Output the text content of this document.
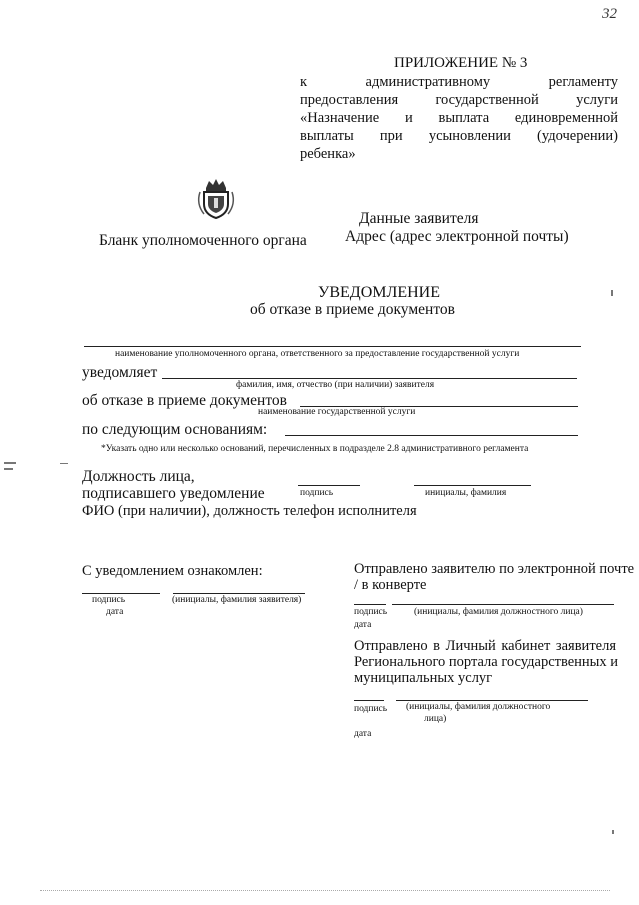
32
ПРИЛОЖЕНИЕ № 3
к административному регламенту
предоставления государственной услуги
«Назначение и выплата единовременной
выплаты при усыновлении (удочерении)
ребенка»
Данные заявителя
Адрес (адрес электронной почты)
Бланк уполномоченного органа
УВЕДОМЛЕНИЕ
об отказе в приеме документов
наименование уполномоченного органа, ответственного за предоставление государственной услуги
уведомляет
фамилия, имя, отчество (при наличии) заявителя
об отказе в приеме документов
наименование государственной услуги
по следующим основаниям:
*Указать одно или несколько оснований, перечисленных в подразделе 2.8 административного регламента
Должность лица,
подписавшего уведомление	подпись	инициалы, фамилия
ФИО (при наличии), должность телефон исполнителя
С уведомлением ознакомлен:
подпись	(инициалы, фамилия заявителя)
дата
Отправлено заявителю по электронной почте
/ в конверте
подпись	(инициалы, фамилия должностного лица)
дата
Отправлено в Личный кабинет заявителя
Регионального портала государственных и
муниципальных услуг
подпись (инициалы, фамилия должностного
лица)
дата
